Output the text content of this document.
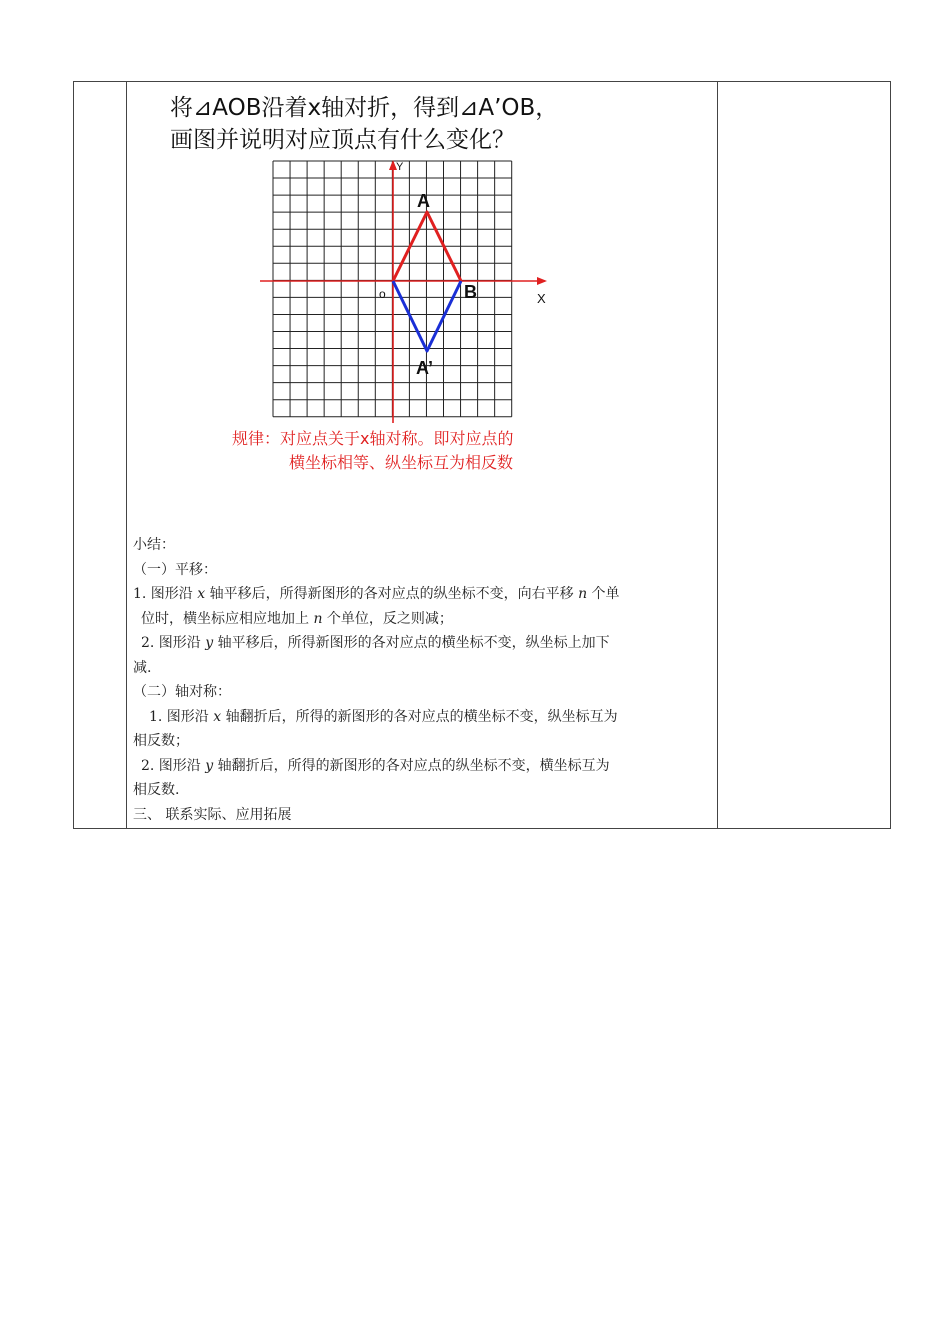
将⊿AOB沿着x轴对折，得到⊿A’OB，
画图并说明对应顶点有什么变化？
A
B
A’
o	X
Y
规律：对应点关于x轴对称。即对应点的
横坐标相等、纵坐标互为相反数
小结：
（一）平移：
1. 图形沿 x 轴平移后，所得新图形的各对应点的纵坐标不变，向右平移 n 个单
位时，横坐标应相应地加上 n 个单位，反之则减；
2. 图形沿 y 轴平移后，所得新图形的各对应点的横坐标不变，纵坐标上加下
减.
（二）轴对称：
1. 图形沿 x 轴翻折后，所得的新图形的各对应点的横坐标不变，纵坐标互为
相反数；
2. 图形沿 y 轴翻折后，所得的新图形的各对应点的纵坐标不变，横坐标互为
相反数.
三、 联系实际、应用拓展
